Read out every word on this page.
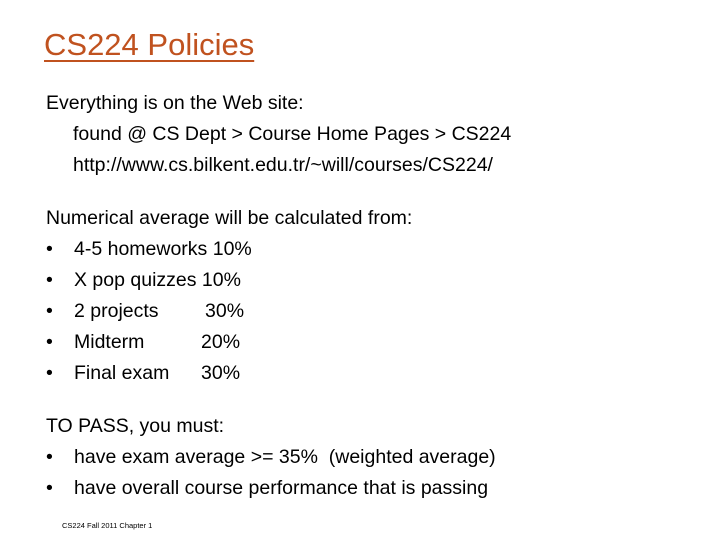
CS224 Policies
Everything is on the Web site:
found @ CS Dept > Course Home Pages > CS224
http://www.cs.bilkent.edu.tr/~will/courses/CS224/
Numerical average will be calculated from:
•	4-5 homeworks 10%
•	X pop quizzes 10%
•	2 projects	30%
•	Midterm	20%
•	Final exam	30%
TO PASS, you must:
•	have exam average >= 35%  (weighted average)
•	have overall course performance that is passing
CS224 Fall 2011 Chapter 1
